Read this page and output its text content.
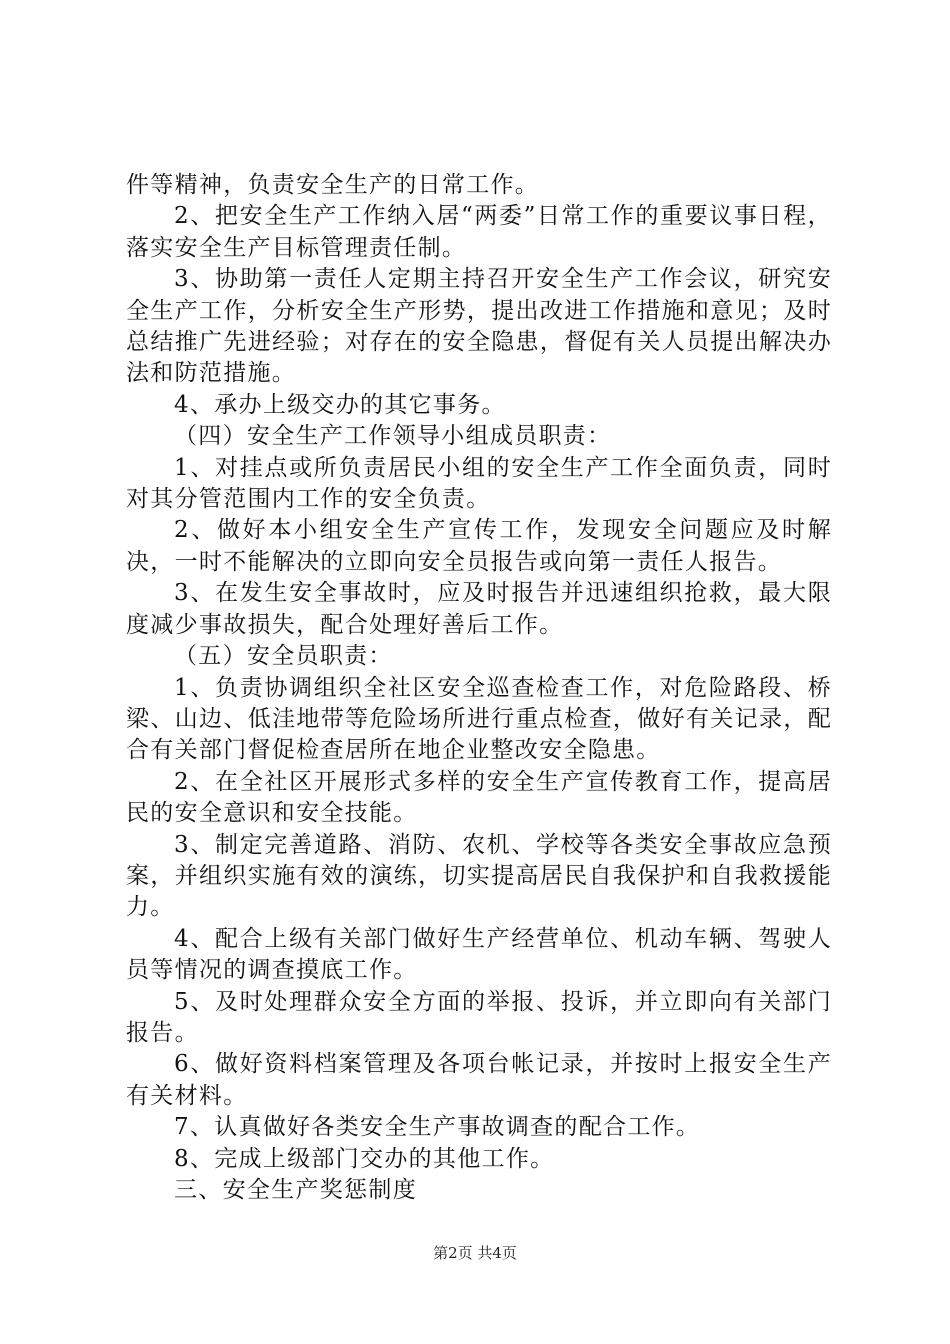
件等精神，负责安全生产的日常工作。

2、把安全生产工作纳入居“两委”日常工作的重要议事日程，落实安全生产目标管理责任制。

3、协助第一责任人定期主持召开安全生产工作会议，研究安全生产工作，分析安全生产形势，提出改进工作措施和意见；及时总结推广先进经验；对存在的安全隐患，督促有关人员提出解决办法和防范措施。

4、承办上级交办的其它事务。

（四）安全生产工作领导小组成员职责：

1、对挂点或所负责居民小组的安全生产工作全面负责，同时对其分管范围内工作的安全负责。

2、做好本小组安全生产宣传工作，发现安全问题应及时解决，一时不能解决的立即向安全员报告或向第一责任人报告。

3、在发生安全事故时，应及时报告并迅速组织抢救，最大限度减少事故损失，配合处理好善后工作。

（五）安全员职责：

1、负责协调组织全社区安全巡查检查工作，对危险路段、桥梁、山边、低洼地带等危险场所进行重点检查，做好有关记录，配合有关部门督促检查居所在地企业整改安全隐患。

2、在全社区开展形式多样的安全生产宣传教育工作，提高居民的安全意识和安全技能。

3、制定完善道路、消防、农机、学校等各类安全事故应急预案，并组织实施有效的演练，切实提高居民自我保护和自我救援能力。

4、配合上级有关部门做好生产经营单位、机动车辆、驾驶人员等情况的调查摸底工作。

5、及时处理群众安全方面的举报、投诉，并立即向有关部门报告。

6、做好资料档案管理及各项台帐记录，并按时上报安全生产有关材料。

7、认真做好各类安全生产事故调查的配合工作。

8、完成上级部门交办的其他工作。

三、安全生产奖惩制度

第2页 共4页
